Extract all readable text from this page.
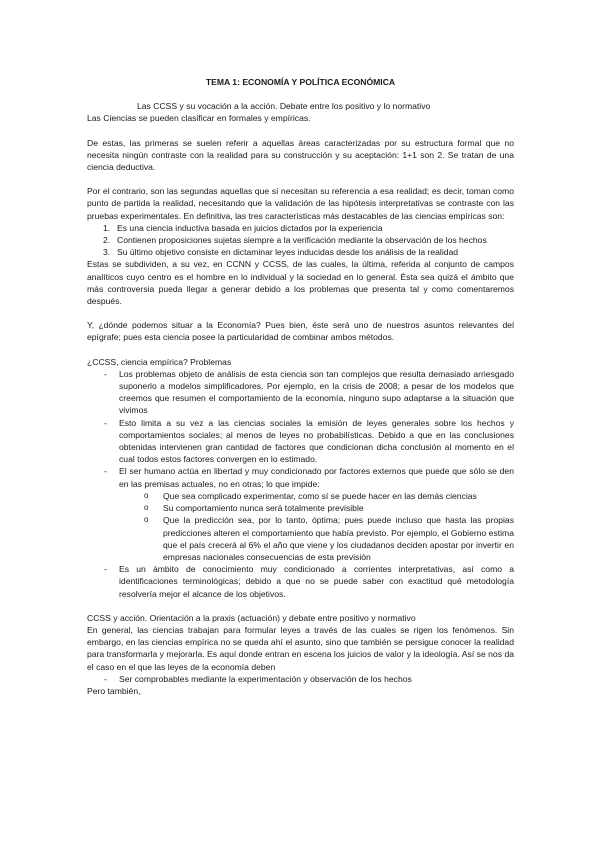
TEMA 1: ECONOMÍA Y POLÍTICA ECONÓMICA

Las CCSS y su vocación a la acción. Debate entre los positivo y lo normativo

Las Ciencias se pueden clasificar en formales y empíricas.

De estas, las primeras se suelen referir a aquellas áreas caracterizadas por su estructura formal que no necesita ningún contraste con la realidad para su construcción y su aceptación: 1+1 son 2. Se tratan de una ciencia deductiva.

Por el contrario, son las segundas aquellas que sí necesitan su referencia a esa realidad; es decir, toman como punto de partida la realidad, necesitando que la validación de las hipótesis interpretativas se contraste con las pruebas experimentales. En definitiva, las tres características más destacables de las ciencias empíricas son:

1. Es una ciencia inductiva basada en juicios dictados por la experiencia
2. Contienen proposiciones sujetas siempre a la verificación mediante la observación de los hechos
3. Su último objetivo consiste en dictaminar leyes inducidas desde los análisis de la realidad

Estas se subdividen, a su vez, en CCNN y CCSS, de las cuales, la última, referida al conjunto de campos analíticos cuyo centro es el hombre en lo individual y la sociedad en lo general. Ésta sea quizá el ámbito que más controversia pueda llegar a generar debido a los problemas que presenta tal y como comentaremos después.

Y, ¿dónde podemos situar a la Economía? Pues bien, éste será uno de nuestros asuntos relevantes del epígrafe; pues esta ciencia posee la particularidad de combinar ambos métodos.

¿CCSS, ciencia empírica? Problemas

- Los problemas objeto de análisis de esta ciencia son tan complejos que resulta demasiado arriesgado suponerlo a modelos simplificadores. Por ejemplo, en la crisis de 2008; a pesar de los modelos que creemos que resumen el comportamiento de la economía, ninguno supo adaptarse a la situación que vivimos
- Esto limita a su vez a las ciencias sociales la emisión de leyes generales sobre los hechos y comportamientos sociales; al menos de leyes no probabilísticas. Debido a que en las conclusiones obtenidas intervienen gran cantidad de factores que condicionan dicha conclusión al momento en el cual todos estos factores convergen en lo estimado.
- El ser humano actúa en libertad y muy condicionado por factores externos que puede que sólo se den en las premisas actuales, no en otras; lo que impide:
o Que sea complicado experimentar, como sí se puede hacer en las demás ciencias
o Su comportamiento nunca será totalmente previsible
o Que la predicción sea, por lo tanto, óptima; pues puede incluso que hasta las propias predicciones alteren el comportamiento que había previsto. Por ejemplo, el Gobierno estima que el país crecerá al 6% el año que viene y los ciudadanos deciden apostar por invertir en empresas nacionales consecuencias de esta previsión
- Es un ámbito de conocimiento muy condicionado a corrientes interpretativas, así como a identificaciones terminológicas; debido a que no se puede saber con exactitud qué metodología resolvería mejor el alcance de los objetivos.

CCSS y acción. Orientación a la praxis (actuación) y debate entre positivo y normativo

En general, las ciencias trabajan para formular leyes a través de las cuales se rigen los fenómenos. Sin embargo, en las ciencias empírica no se queda ahí el asunto, sino que también se persigue conocer la realidad para transformarla y mejorarla. Es aquí donde entran en escena los juicios de valor y la ideología. Así se nos da el caso en el que las leyes de la economía deben

- Ser comprobables mediante la experimentación y observación de los hechos

Pero también,
